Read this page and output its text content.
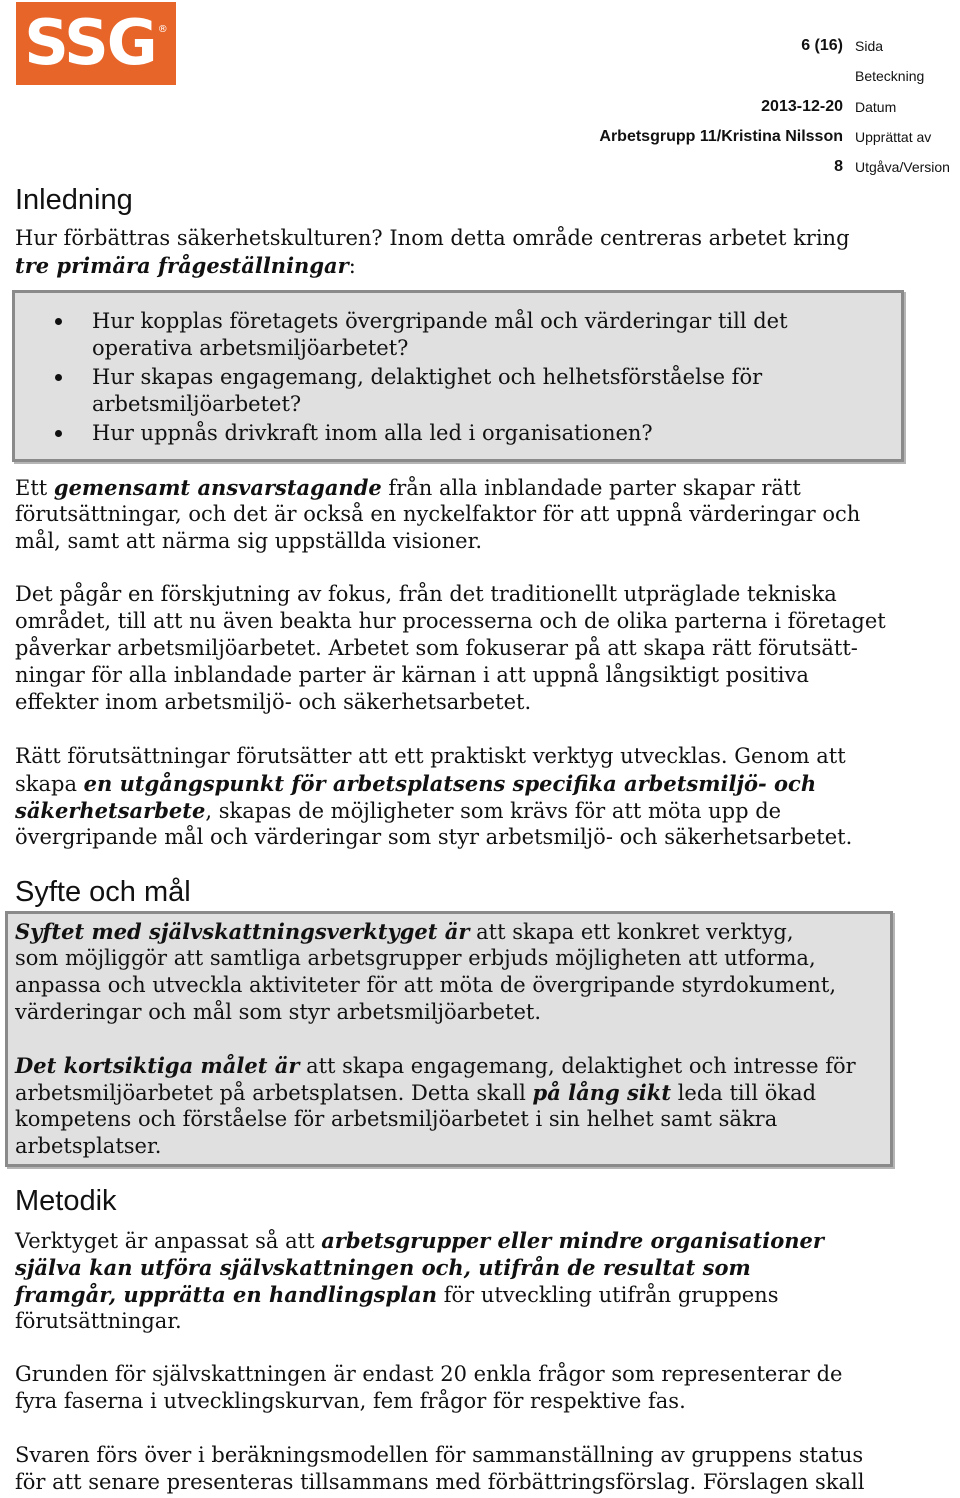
SSG ®
6 (16) Sida
Beteckning
2013-12-20 Datum
Arbetsgrupp 11/Kristina Nilsson Upprättat av
8 Utgåva/Version
Inledning

Hur förbättras säkerhetskulturen? Inom detta område centreras arbetet kring

tre primära frågeställningar:

Hur kopplas företagets övergripande mål och värderingar till det

operativa arbetsmiljöarbetet?

Hur skapas engagemang, delaktighet och helhetsförståelse för

arbetsmiljöarbetet?

Hur uppnås drivkraft inom alla led i organisationen?

Ett gemensamt ansvarstagande från alla inblandade parter skapar rätt

förutsättningar, och det är också en nyckelfaktor för att uppnå värderingar och

mål, samt att närma sig uppställda visioner.

Det pågår en förskjutning av fokus, från det traditionellt utpräglade tekniska

området, till att nu även beakta hur processerna och de olika parterna i företaget

påverkar arbetsmiljöarbetet. Arbetet som fokuserar på att skapa rätt förutsätt-

ningar för alla inblandade parter är kärnan i att uppnå långsiktigt positiva

effekter inom arbetsmiljö- och säkerhetsarbetet.

Rätt förutsättningar förutsätter att ett praktiskt verktyg utvecklas. Genom att

skapa en utgångspunkt för arbetsplatsens specifika arbetsmiljö- och

säkerhetsarbete, skapas de möjligheter som krävs för att möta upp de

övergripande mål och värderingar som styr arbetsmiljö- och säkerhetsarbetet.

Syfte och mål

Syftet med självskattningsverktyget är att skapa ett konkret verktyg,

som möjliggör att samtliga arbetsgrupper erbjuds möjligheten att utforma,

anpassa och utveckla aktiviteter för att möta de övergripande styrdokument,

värderingar och mål som styr arbetsmiljöarbetet.

Det kortsiktiga målet är att skapa engagemang, delaktighet och intresse för

arbetsmiljöarbetet på arbetsplatsen. Detta skall på lång sikt leda till ökad

kompetens och förståelse för arbetsmiljöarbetet i sin helhet samt säkra

arbetsplatser.

Metodik

Verktyget är anpassat så att arbetsgrupper eller mindre organisationer

själva kan utföra självskattningen och, utifrån de resultat som

framgår, upprätta en handlingsplan för utveckling utifrån gruppens

förutsättningar.

Grunden för självskattningen är endast 20 enkla frågor som representerar de

fyra faserna i utvecklingskurvan, fem frågor för respektive fas.

Svaren förs över i beräkningsmodellen för sammanställning av gruppens status

för att senare presenteras tillsammans med förbättringsförslag. Förslagen skall
